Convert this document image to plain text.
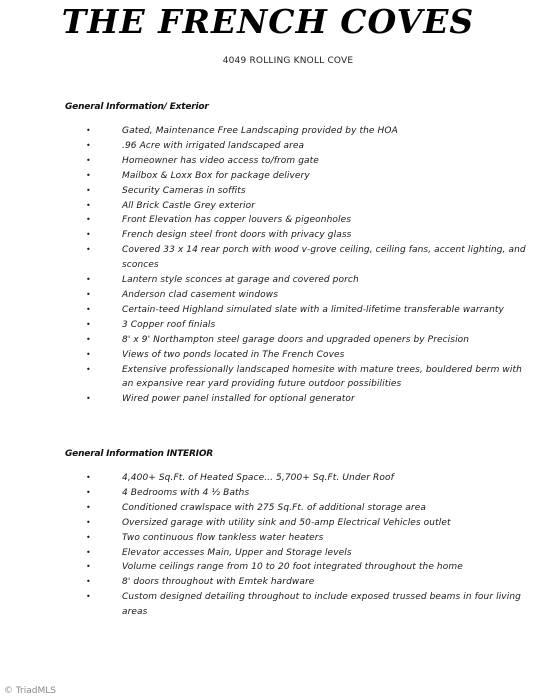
THE FRENCH COVES
4049 ROLLING KNOLL COVE
General Information/ Exterior
•	Gated, Maintenance Free Landscaping provided by the HOA
•	.96 Acre with irrigated landscaped area
•	Homeowner has video access to/from gate
•	Mailbox & Loxx Box for package delivery
•	Security Cameras in soffits
•	All Brick Castle Grey exterior
•	Front Elevation has copper louvers & pigeonholes
•	French design steel front doors with privacy glass
•	Covered 33 x 14 rear porch with wood v-grove ceiling, ceiling fans, accent lighting, and sconces
•	Lantern style sconces at garage and covered porch
•	Anderson clad casement windows
•	Certain-teed Highland simulated slate with a limited-lifetime transferable warranty
•	3 Copper roof finials
•	8' x 9' Northampton steel garage doors and upgraded openers by Precision
•	Views of two ponds located in The French Coves
•	Extensive professionally landscaped homesite with mature trees, bouldered berm with an expansive rear yard providing future outdoor possibilities
•	Wired power panel installed for optional generator
General Information INTERIOR
•	4,400+ Sq.Ft. of Heated Space... 5,700+ Sq.Ft. Under Roof
•	4 Bedrooms with 4 ½ Baths
•	Conditioned crawlspace with 275 Sq.Ft. of additional storage area
•	Oversized garage with utility sink and 50-amp Electrical Vehicles outlet
•	Two continuous flow tankless water heaters
•	Elevator accesses Main, Upper and Storage levels
•	Volume ceilings range from 10 to 20 foot integrated throughout the home
•	8' doors throughout with Emtek hardware
•	Custom designed detailing throughout to include exposed trussed beams in four living areas
© TriadMLS
